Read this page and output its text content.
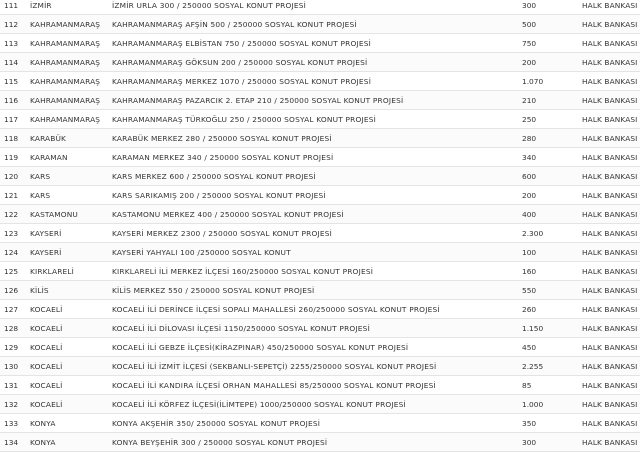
111	İZMİR	İZMİR URLA 300 / 250000 SOSYAL KONUT PROJESİ	300	HALK BANKASI
112	KAHRAMANMARAŞ	KAHRAMANMARAŞ AFŞİN 500 / 250000 SOSYAL KONUT PROJESİ	500	HALK BANKASI
113	KAHRAMANMARAŞ	KAHRAMANMARAŞ ELBİSTAN 750 / 250000 SOSYAL KONUT PROJESİ	750	HALK BANKASI
114	KAHRAMANMARAŞ	KAHRAMANMARAŞ GÖKSUN 200 / 250000 SOSYAL KONUT PROJESİ	200	HALK BANKASI
115	KAHRAMANMARAŞ	KAHRAMANMARAŞ MERKEZ 1070 / 250000 SOSYAL KONUT PROJESİ	1.070	HALK BANKASI
116	KAHRAMANMARAŞ	KAHRAMANMARAŞ PAZARCIK 2. ETAP 210 / 250000 SOSYAL KONUT PROJESİ	210	HALK BANKASI
117	KAHRAMANMARAŞ	KAHRAMANMARAŞ TÜRKOĞLU 250 / 250000 SOSYAL KONUT PROJESİ	250	HALK BANKASI
118	KARABÜK	KARABÜK MERKEZ 280 / 250000 SOSYAL KONUT PROJESİ	280	HALK BANKASI
119	KARAMAN	KARAMAN MERKEZ 340 / 250000 SOSYAL KONUT PROJESİ	340	HALK BANKASI
120	KARS	KARS MERKEZ 600 / 250000 SOSYAL KONUT PROJESİ	600	HALK BANKASI
121	KARS	KARS SARIKAMIŞ 200 / 250000 SOSYAL KONUT PROJESİ	200	HALK BANKASI
122	KASTAMONU	KASTAMONU MERKEZ 400 / 250000 SOSYAL KONUT PROJESİ	400	HALK BANKASI
123	KAYSERİ	KAYSERİ MERKEZ 2300 / 250000 SOSYAL KONUT PROJESİ	2.300	HALK BANKASI
124	KAYSERİ	KAYSERİ YAHYALI 100 /250000 SOSYAL KONUT	100	HALK BANKASI
125	KIRKLARELİ	KIRKLARELİ İLİ MERKEZ İLÇESİ 160/250000 SOSYAL KONUT PROJESİ	160	HALK BANKASI
126	KİLİS	KİLİS MERKEZ 550 / 250000 SOSYAL KONUT PROJESİ	550	HALK BANKASI
127	KOCAELİ	KOCAELİ İLİ DERİNCE İLÇESİ SOPALI MAHALLESİ 260/250000 SOSYAL KONUT PROJESİ	260	HALK BANKASI
128	KOCAELİ	KOCAELİ İLİ DİLOVASI İLÇESİ 1150/250000 SOSYAL KONUT PROJESİ	1.150	HALK BANKASI
129	KOCAELİ	KOCAELİ İLİ GEBZE İLÇESİ(KİRAZPINAR) 450/250000 SOSYAL KONUT PROJESİ	450	HALK BANKASI
130	KOCAELİ	KOCAELİ İLİ İZMİT İLÇESİ (SEKBANLI-SEPETÇİ) 2255/250000 SOSYAL KONUT PROJESİ	2.255	HALK BANKASI
131	KOCAELİ	KOCAELİ İLİ KANDIRA İLÇESİ ORHAN MAHALLESİ 85/250000 SOSYAL KONUT PROJESİ	85	HALK BANKASI
132	KOCAELİ	KOCAELİ İLİ KÖRFEZ İLÇESİ(İLİMTEPE) 1000/250000 SOSYAL KONUT PROJESİ	1.000	HALK BANKASI
133	KONYA	KONYA AKŞEHİR 350/ 250000 SOSYAL KONUT PROJESİ	350	HALK BANKASI
134	KONYA	KONYA BEYŞEHİR 300 / 250000 SOSYAL KONUT PROJESİ	300	HALK BANKASI
